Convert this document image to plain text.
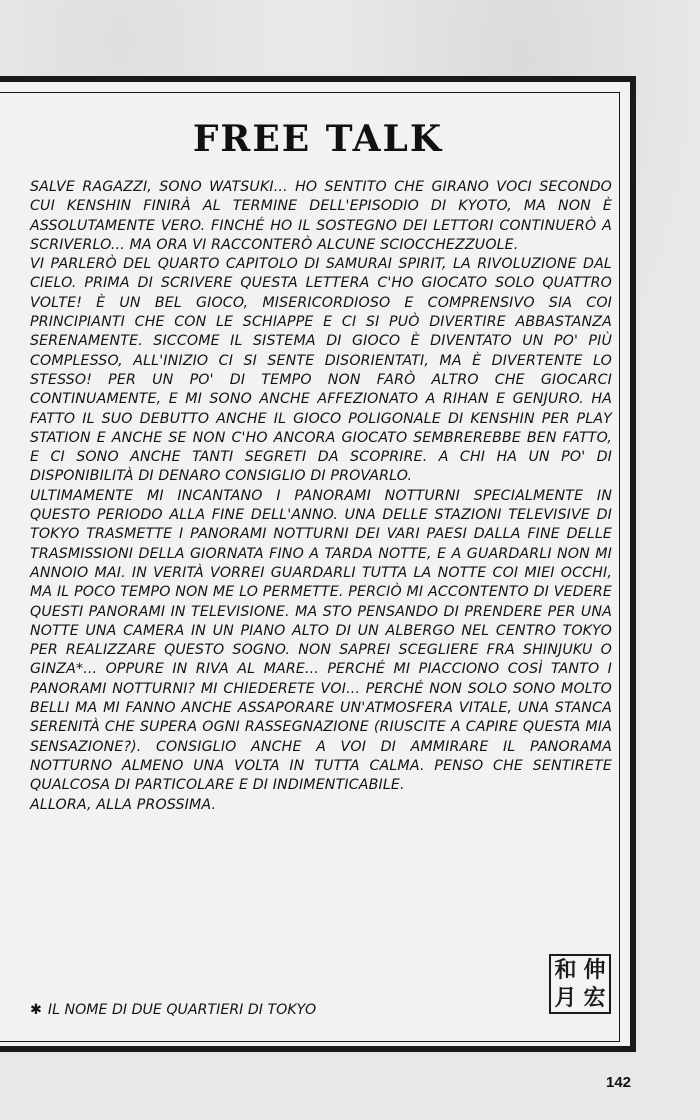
FREE TALK

SALVE RAGAZZI, SONO WATSUKI... HO SENTITO CHE GIRANO VOCI SECONDO CUI KENSHIN FINIRÀ AL TERMINE DELL'EPISODIO DI KYOTO, MA NON È ASSOLUTAMENTE VERO. FINCHÉ HO IL SOSTEGNO DEI LETTORI CONTINUERÒ A SCRIVERLO... MA ORA VI RACCONTERÒ ALCUNE SCIOCCHEZZUOLE.

VI PARLERÒ DEL QUARTO CAPITOLO DI SAMURAI SPIRIT, LA RIVOLUZIONE DAL CIELO. PRIMA DI SCRIVERE QUESTA LETTERA C'HO GIOCATO SOLO QUATTRO VOLTE! È UN BEL GIOCO, MISERICORDIOSO E COMPRENSIVO SIA COI PRINCIPIANTI CHE CON LE SCHIAPPE E CI SI PUÒ DIVERTIRE ABBASTANZA SERENAMENTE. SICCOME IL SISTEMA DI GIOCO È DIVENTATO UN PO' PIÙ COMPLESSO, ALL'INIZIO CI SI SENTE DISORIENTATI, MA È DIVERTENTE LO STESSO! PER UN PO' DI TEMPO NON FARÒ ALTRO CHE GIOCARCI CONTINUAMENTE, E MI SONO ANCHE AFFEZIONATO A RIHAN E GENJURO. HA FATTO IL SUO DEBUTTO ANCHE IL GIOCO POLIGONALE DI KENSHIN PER PLAY STATION E ANCHE SE NON C'HO ANCORA GIOCATO SEMBREREBBE BEN FATTO, E CI SONO ANCHE TANTI SEGRETI DA SCOPRIRE. A CHI HA UN PO' DI DISPONIBILITÀ DI DENARO CONSIGLIO DI PROVARLO.

ULTIMAMENTE MI INCANTANO I PANORAMI NOTTURNI SPECIALMENTE IN QUESTO PERIODO ALLA FINE DELL'ANNO. UNA DELLE STAZIONI TELEVISIVE DI TOKYO TRASMETTE I PANORAMI NOTTURNI DEI VARI PAESI DALLA FINE DELLE TRASMISSIONI DELLA GIORNATA FINO A TARDA NOTTE, E A GUARDARLI NON MI ANNOIO MAI. IN VERITÀ VORREI GUARDARLI TUTTA LA NOTTE COI MIEI OCCHI, MA IL POCO TEMPO NON ME LO PERMETTE. PERCIÒ MI ACCONTENTO DI VEDERE QUESTI PANORAMI IN TELEVISIONE. MA STO PENSANDO DI PRENDERE PER UNA NOTTE UNA CAMERA IN UN PIANO ALTO DI UN ALBERGO NEL CENTRO TOKYO PER REALIZZARE QUESTO SOGNO. NON SAPREI SCEGLIERE FRA SHINJUKU O GINZA*... OPPURE IN RIVA AL MARE... PERCHÉ MI PIACCIONO COSÌ TANTO I PANORAMI NOTTURNI? MI CHIEDERETE VOI... PERCHÉ NON SOLO SONO MOLTO BELLI MA MI FANNO ANCHE ASSAPORARE UN'ATMOSFERA VITALE, UNA STANCA SERENITÀ CHE SUPERA OGNI RASSEGNAZIONE (RIUSCITE A CAPIRE QUESTA MIA SENSAZIONE?). CONSIGLIO ANCHE A VOI DI AMMIRARE IL PANORAMA NOTTURNO ALMENO UNA VOLTA IN TUTTA CALMA. PENSO CHE SENTIRETE QUALCOSA DI PARTICOLARE E DI INDIMENTICABILE.

ALLORA, ALLA PROSSIMA.

和 伸
月 宏

✱ IL NOME DI DUE QUARTIERI DI TOKYO

142
